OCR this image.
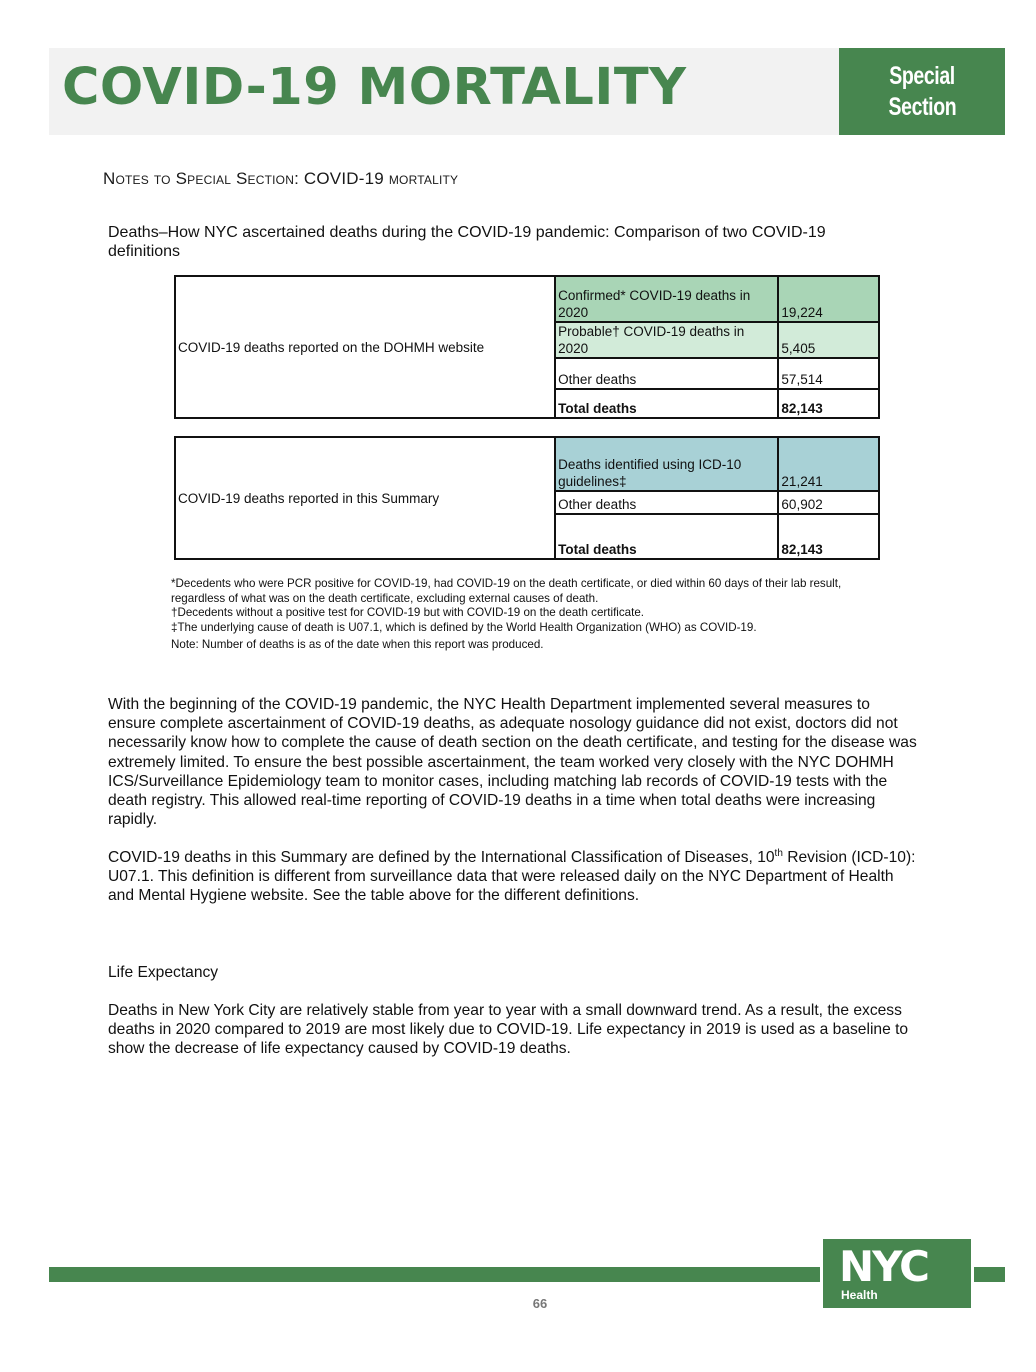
COVID-19 MORTALITY	Special
Section
Notes to Special Section: COVID-19 mortality
Deaths–How NYC ascertained deaths during the COVID-19 pandemic: Comparison of two COVID-19 definitions
COVID-19 deaths reported on the DOHMH website	Confirmed* COVID-19 deaths in 2020	19,224
	Probable† COVID-19 deaths in 2020	5,405
	Other deaths	57,514
	Total deaths	82,143
COVID-19 deaths reported in this Summary	Deaths identified using ICD-10 guidelines‡	21,241
	Other deaths	60,902
	Total deaths	82,143

*Decedents who were PCR positive for COVID-19, had COVID-19 on the death certificate, or died within 60 days of their lab result, regardless of what was on the death certificate, excluding external causes of death.

†Decedents without a positive test for COVID-19 but with COVID-19 on the death certificate.

‡The underlying cause of death is U07.1, which is defined by the World Health Organization (WHO) as COVID-19.

Note: Number of deaths is as of the date when this report was produced.

With the beginning of the COVID-19 pandemic, the NYC Health Department implemented several measures to ensure complete ascertainment of COVID-19 deaths, as adequate nosology guidance did not exist, doctors did not necessarily know how to complete the cause of death section on the death certificate, and testing for the disease was extremely limited. To ensure the best possible ascertainment, the team worked very closely with the NYC DOHMH ICS/Surveillance Epidemiology team to monitor cases, including matching lab records of COVID-19 tests with the death registry. This allowed real-time reporting of COVID-19 deaths in a time when total deaths were increasing rapidly.

COVID-19 deaths in this Summary are defined by the International Classification of Diseases, 10th Revision (ICD-10): U07.1. This definition is different from surveillance data that were released daily on the NYC Department of Health and Mental Hygiene website. See the table above for the different definitions.

Life Expectancy

Deaths in New York City are relatively stable from year to year with a small downward trend. As a result, the excess deaths in 2020 compared to 2019 are most likely due to COVID-19. Life expectancy in 2019 is used as a baseline to show the decrease of life expectancy caused by COVID-19 deaths.

NYC
Health
66
